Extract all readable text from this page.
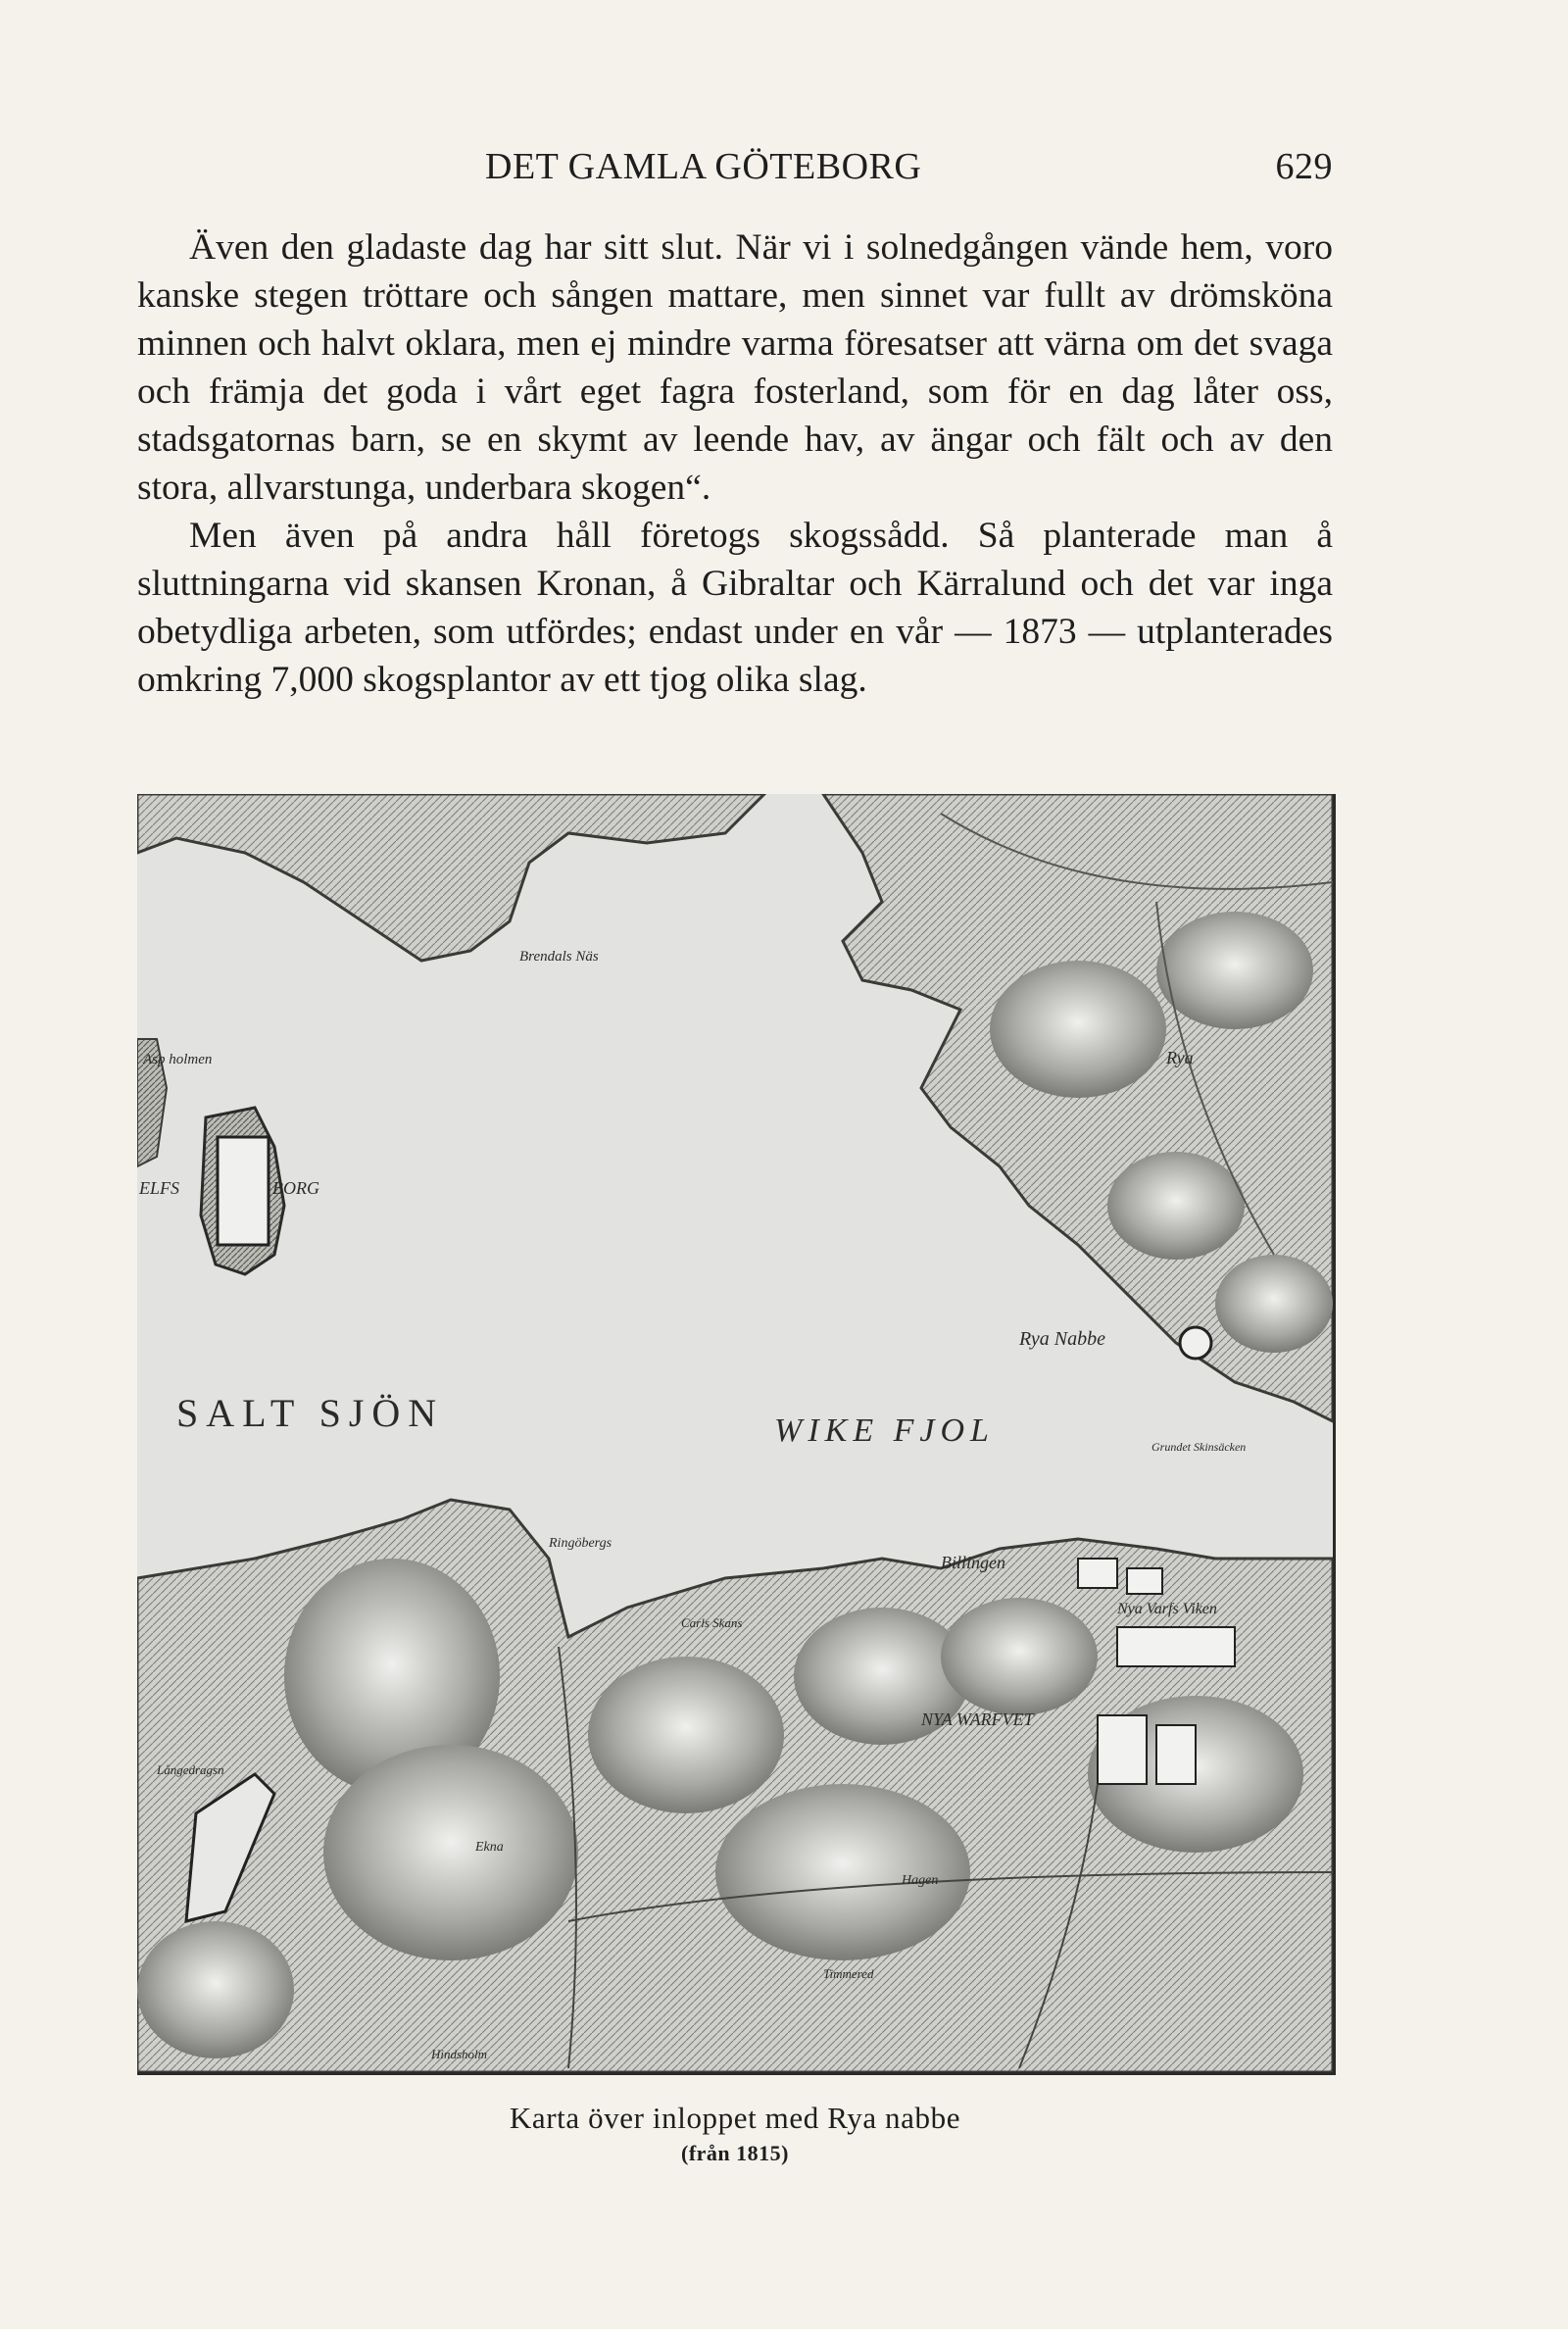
DET GAMLA GÖTEBORG	629

Även den gladaste dag har sitt slut. När vi i solnedgången vände hem, voro kanske stegen tröttare och sången mattare, men sinnet var fullt av drömsköna minnen och halvt oklara, men ej mindre varma föresatser att värna om det svaga och främja det goda i vårt eget fagra fosterland, som för en dag låter oss, stadsgatornas barn, se en skymt av leende hav, av ängar och fält och av den stora, allvarstunga, underbara skogen“.

Men även på andra håll företogs skogssådd. Så planterade man å sluttningarna vid skansen Kronan, å Gibraltar och Kärralund och det var inga obetydliga arbeten, som utfördes; endast under en vår — 1873 — utplanterades omkring 7,000 skogsplantor av ett tjog olika slag.

SALT SJÖN	WIKE FJOL
Rya Nabbe
Rya
Billingen
NYA WARFVET
Nya Varfs Viken
ELFS	BORG
Brendals Näs
Asp holmen
Ringöbergs
Carls Skans
Långedragsn
Ekna
Hagen
Grundet Skinsäcken
Timmered
Hindsholm
Karta över inloppet med Rya nabbe
(från 1815)
